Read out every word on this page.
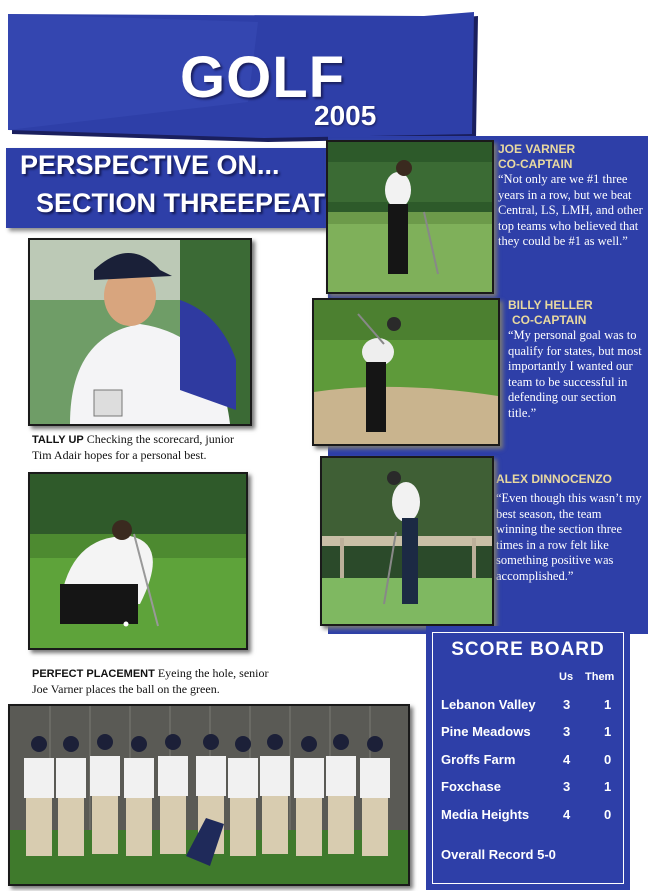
GOLF
2005
PERSPECTIVE ON...
SECTION THREEPEAT
JOE VARNER
CO-CAPTAIN
“Not only are we #1 three years in a row, but we beat Central, LS, LMH, and other top teams who believed that they could be #1 as well.”
BILLY HELLER
CO-CAPTAIN
“My personal goal was to qualify for states, but most importantly I wanted our team to be successful in defending our section title.”
ALEX DINNOCENZO
“Even though this wasn’t my best season, the team winning the section three times in a row felt like something positive was accomplished.”
TALLY UP Checking the scorecard, junior Tim Adair hopes for a personal best.
PERFECT PLACEMENT Eyeing the hole, senior Joe Varner places the ball on the green.
SCORE BOARD
Us Them
Lebanon Valley 3	1
Pine Meadows 3	1
Groffs Farm	4	0
Foxchase	3	1
Media Heights	4	0
Overall Record 5-0
